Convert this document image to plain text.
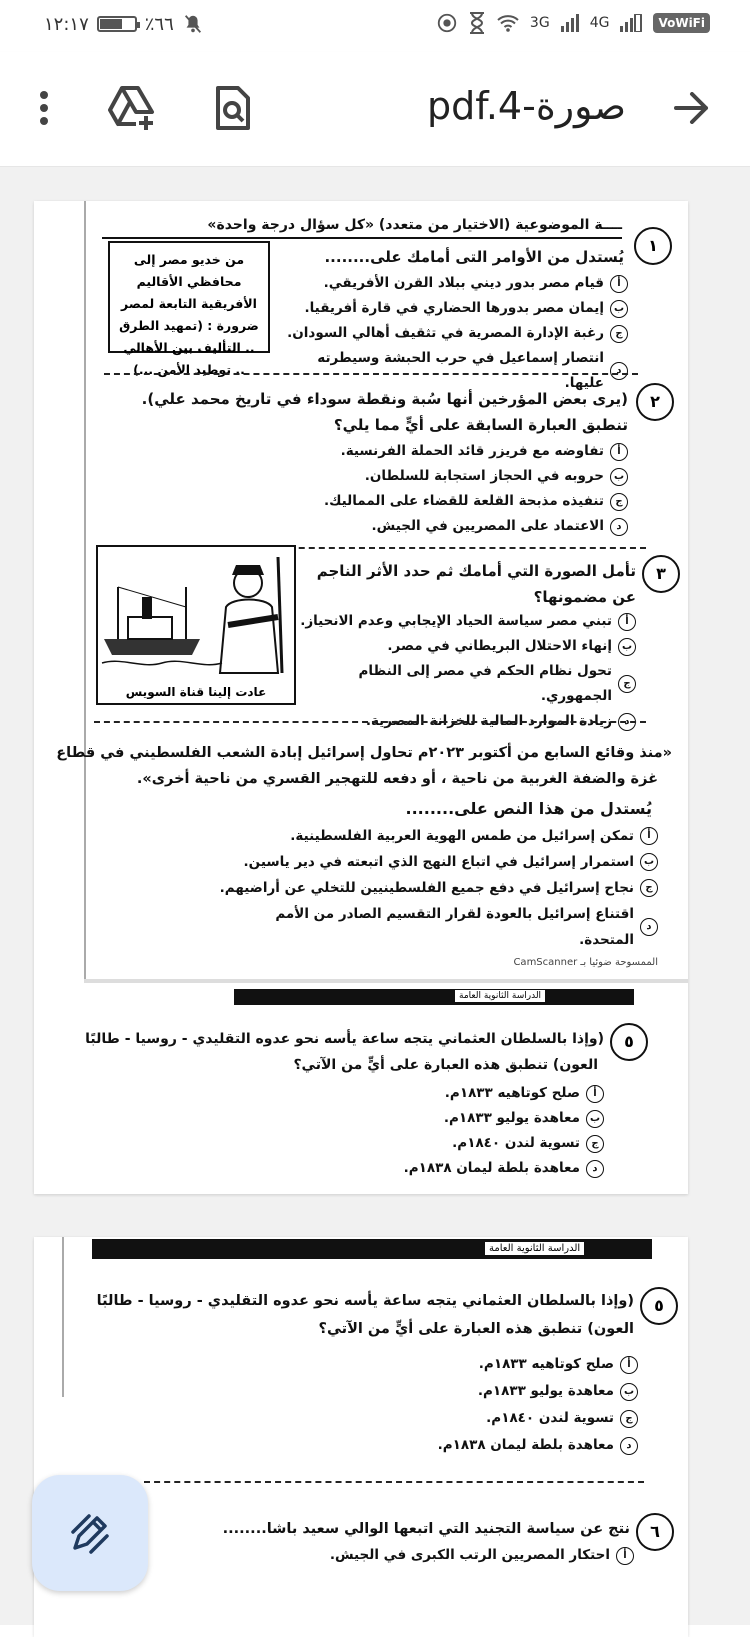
١٢:١٧	٪٦٦	3G	4G	VoWiFi
صورة-pdf.4
ــــة الموضوعية (الاختيار من متعدد) «كل سؤال درجة واحدة»
١
يُستدل من الأوامر التى أمامك على........
من خديو مصر إلى محافظي الأقاليم الأفريقية التابعة لمصر ضرورة : (تمهيد الطرق .. التأليف بين الأهالي .. توطيد الأمن ...)
أ
قيام مصر بدور ديني ببلاد القرن الأفريقي.
ب
إيمان مصر بدورها الحضاري في قارة أفريقيا.
ج
رغبة الإدارة المصرية في تثقيف أهالي السودان.
د
انتصار إسماعيل في حرب الحبشة وسيطرته عليها.
٢
(يرى بعض المؤرخين أنها سُبة ونقطة سوداء في تاريخ محمد علي).
تنطبق العبارة السابقة على أيٍّ مما يلي؟
أ
تفاوضه مع فريزر قائد الحملة الفرنسية.
ب
حروبه في الحجاز استجابة للسلطان.
ج
تنفيذه مذبحة القلعة للقضاء على المماليك.
د
الاعتماد على المصريين في الجيش.
٣
تأمل الصورة التي أمامك ثم حدد الأثر الناجم
عن مضمونها؟
عادت إلينا قناة السويس
أ
تبني مصر سياسة الحياد الإيجابي وعدم الانحياز.
ب
إنهاء الاحتلال البريطاني في مصر.
ج
تحول نظام الحكم في مصر إلى النظام الجمهوري.
د
زيادة الموارد المالية للخزانة المصرية.
«منذ وقائع السابع من أكتوبر ٢٠٢٣م تحاول إسرائيل إبادة الشعب الفلسطيني في قطاع
غزة والضفة الغربية من ناحية ، أو دفعه للتهجير القسري من ناحية أخرى».
يُستدل من هذا النص على........
أ
تمكن إسرائيل من طمس الهوية العربية الفلسطينية.
ب
استمرار إسرائيل في اتباع النهج الذي اتبعته في دير ياسين.
ج
نجاح إسرائيل في دفع جميع الفلسطينيين للتخلي عن أراضيهم.
د
اقتناع إسرائيل بالعودة لقرار التقسيم الصادر من الأمم المتحدة.
الممسوحة ضوئيا بـ CamScanner
الدراسة الثانوية العامة
٥
(وإذا بالسلطان العثماني يتجه ساعة يأسه نحو عدوه التقليدي - روسيا - طالبًا
العون) تنطبق هذه العبارة على أيٍّ من الآتي؟
أ
صلح كوتاهيه ١٨٣٣م.
ب
معاهدة يوليو ١٨٣٣م.
ج
تسوية لندن ١٨٤٠م.
د
معاهدة بلطة ليمان ١٨٣٨م.
الدراسة الثانوية العامة
٥
(وإذا بالسلطان العثماني يتجه ساعة يأسه نحو عدوه التقليدي - روسيا - طالبًا
العون) تنطبق هذه العبارة على أيٍّ من الآتي؟
أ
صلح كوتاهيه ١٨٣٣م.
ب
معاهدة يوليو ١٨٣٣م.
ج
تسوية لندن ١٨٤٠م.
د
معاهدة بلطة ليمان ١٨٣٨م.
٦
نتج عن سياسة التجنيد التي اتبعها الوالي سعيد باشا........
أ
احتكار المصريين الرتب الكبرى في الجيش.
